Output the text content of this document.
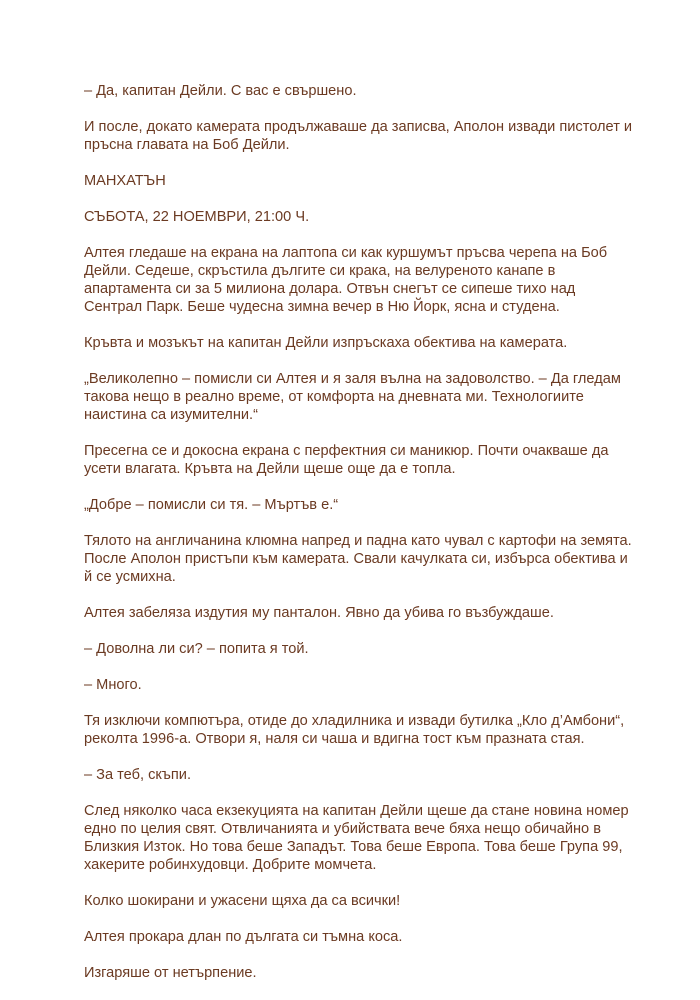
– Да, капитан Дейли. С вас е свършено.

И после, докато камерата продължаваше да записва, Аполон извади пистолет и
пръсна главата на Боб Дейли.

МАНХАТЪН

СЪБОТА, 22 НОЕМВРИ, 21:00 Ч.

Алтея гледаше на екрана на лаптопа си как куршумът пръсва черепа на Боб
Дейли. Седеше, скръстила дългите си крака, на велуреното канапе в
апартамента си за 5 милиона долара. Отвън снегът се сипеше тихо над
Сентрал Парк. Беше чудесна зимна вечер в Ню Йорк, ясна и студена.

Кръвта и мозъкът на капитан Дейли изпръскаха обектива на камерата.

„Великолепно – помисли си Алтея и я заля вълна на задоволство. – Да гледам
такова нещо в реално време, от комфорта на дневната ми. Технологиите
наистина са изумителни.“

Пресегна се и докосна екрана с перфектния си маникюр. Почти очакваше да
усети влагата. Кръвта на Дейли щеше още да е топла.

„Добре – помисли си тя. – Мъртъв е.“

Тялото на англичанина клюмна напред и падна като чувал с картофи на земята.
После Аполон пристъпи към камерата. Свали качулката си, избърса обектива и
й се усмихна.

Алтея забеляза издутия му панталон. Явно да убива го възбуждаше.

– Доволна ли си? – попита я той.

– Много.

Тя изключи компютъра, отиде до хладилника и извади бутилка „Кло д’Амбони“,
реколта 1996-а. Отвори я, наля си чаша и вдигна тост към празната стая.

– За теб, скъпи.

След няколко часа екзекуцията на капитан Дейли щеше да стане новина номер
едно по целия свят. Отвличанията и убийствата вече бяха нещо обичайно в
Близкия Изток. Но това беше Западът. Това беше Европа. Това беше Група 99,
хакерите робинхудовци. Добрите момчета.

Колко шокирани и ужасени щяха да са всички!

Алтея прокара длан по дългата си тъмна коса.

Изгаряше от нетърпение.
